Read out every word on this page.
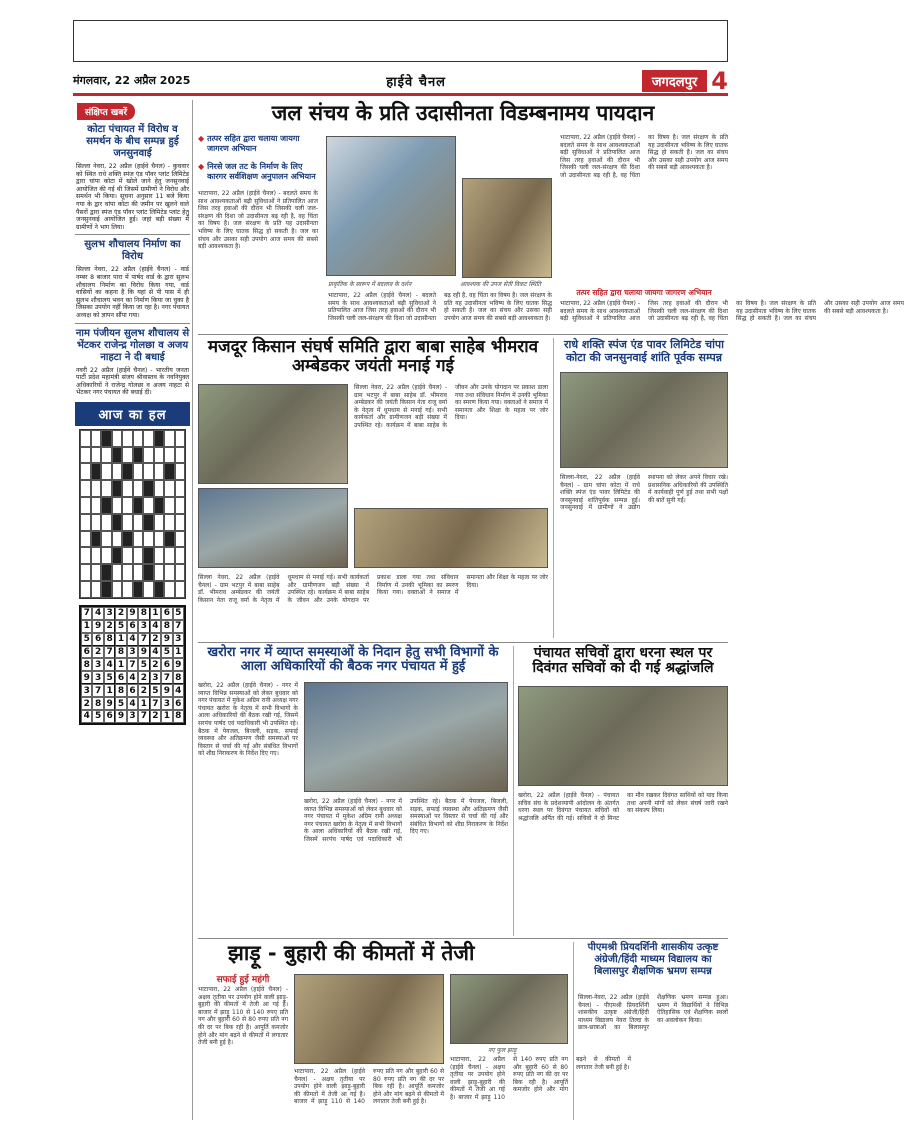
मंगलवार, 22 अप्रैल 2025	हाईवे चैनल	जगदलपुर 4
संक्षिप्त खबरें
कोटा पंचायत में विरोध व समर्थन के बीच सम्पन्न हुई जनसुनवाई
सिल्ला नेवरा, 22 अप्रैल (हाईवे चैनल) - कुचवार को स्थित राधे शक्ति स्पंज एंड पॉवर प्लांट लिमिटेड द्वारा चांपा कोटा में खोले जाने हेतु जनसुनवाई आयोजित की गई थी जिसमें ग्रामीणों ने विरोध और समर्थन भी किया। सूचना अनुसार 11 बजे किया गया के द्वार चांपा कोटा की जमीन पर खुलने वाले पैसरों द्वारा स्पंज एंड पॉवर प्लांट लिमिटेड प्लांट हेतु जनसुनवाई आयोजित हुई। जहां बड़ी संख्या में ग्रामीणों ने भाग लिया।
सुलभ शौचालय निर्माण का विरोध
सिल्ला नेवरा, 22 अप्रैल (हाईवे चैनल) - वार्ड नम्बर 8 बाजार पारा में पार्षद वार्ड के द्वारा सुलभ शौचालय निर्माण का विरोध किया गया, वार्ड वासियों का कहना है कि यहां से पी पास में ही सुलभ शौचालय भवन का निर्माण किया जा चुका है जिसका उपयोग नहीं किया जा रहा है। नगर पंचायत अध्यक्ष को ज्ञापन सौंपा गया।
नाम पंजीयन सुलभ शौचालय से भेंटकर राजेन्द्र गोलछा व अजय नाहटा ने दी बधाई
नवरी 22 अप्रैल (हाईवे चैनल) - भारतीय जनता पार्टी प्रदेश महामंत्री संजय श्रीवास्तव के नवनियुक्त अधिकारियों ने राजेन्द्र गोलछा व अजय नाहटा से भेंटकर नगर पंचायत की बधाई दी।
आज का हल
7 4 3 2 9 8 1 6 5
1 9 2 5 6 3 4 8 7
5 6 8 1 4 7 2 9 3
6 2 7 8 3 9 4 5 1
8 3 4 1 7 5 2 6 9
9 3 5 6 4 2 3 7 8
3 7 1 8 6 2 5 9 4
2 8 9 5 4 1 7 3 6
4 5 6 9 3 7 2 1 8
जल संचय के प्रति उदासीनता विडम्बनामय पायदान
◆ तत्पर सहित द्वारा चलाया जायगा जागरण अभियान
◆ निरसे जल तट के निर्माण के लिए कारगर सर्वशिक्षण अनुपालन अभियान
भाटापारा, 22 अप्रैल (हाईवे चैनल) - बदलते समय के साथ आवश्यकताओं बढ़ी सुविधाओं ने प्रतिपालित आज जिस तरह हवाओं की दौरान भी जिसकी चली जल-संरक्षण की दिशा जो उदासीनता बढ़ रही है, वह चिंता का विषय है। जल संरक्षण के प्रति यह उदासीनता भविष्य के लिए घातक सिद्ध हो सकती है। जल का संचय और उसका सही उपयोग आज समय की सबसे बड़ी आवश्यकता है।
प्राकृतिक के स्वरूप में बदलाव के दर्शन	आवश्यक की उपज सेती विकट स्थिति
भाटापारा, 22 अप्रैल (हाईवे चैनल) - बदलते समय के साथ आवश्यकताओं बढ़ी सुविधाओं ने प्रतिपालित आज जिस तरह हवाओं की दौरान भी जिसकी चली जल-संरक्षण की दिशा जो उदासीनता बढ़ रही है, वह चिंता का विषय है। जल संरक्षण के प्रति यह उदासीनता भविष्य के लिए घातक सिद्ध हो सकती है। जल का संचय और उसका सही उपयोग आज समय की सबसे बड़ी आवश्यकता है।
भाटापारा, 22 अप्रैल (हाईवे चैनल) - बदलते समय के साथ आवश्यकताओं बढ़ी सुविधाओं ने प्रतिपालित आज जिस तरह हवाओं की दौरान भी जिसकी चली जल-संरक्षण की दिशा जो उदासीनता बढ़ रही है, वह चिंता का विषय है। जल संरक्षण के प्रति यह उदासीनता भविष्य के लिए घातक सिद्ध हो सकती है। जल का संचय और उसका सही उपयोग आज समय की सबसे बड़ी आवश्यकता है।
तत्पर सहित द्वारा चलाया जायगा जागरण अभियान
भाटापारा, 22 अप्रैल (हाईवे चैनल) - बदलते समय के साथ आवश्यकताओं बढ़ी सुविधाओं ने प्रतिपालित आज जिस तरह हवाओं की दौरान भी जिसकी चली जल-संरक्षण की दिशा जो उदासीनता बढ़ रही है, वह चिंता का विषय है। जल संरक्षण के प्रति यह उदासीनता भविष्य के लिए घातक सिद्ध हो सकती है। जल का संचय और उसका सही उपयोग आज समय की सबसे बड़ी आवश्यकता है।
मजदूर किसान संघर्ष समिति द्वारा बाबा साहेब भीमराव अम्बेडकर जयंती मनाई गई
सिल्ला नेवरा, 22 अप्रैल (हाईवे चैनल) - ग्राम भटपुर में बाबा साहेब डॉ. भीमराव अम्बेडकर की जयंती किसान नेता राजू वर्मा के नेतृत्व में धूमधाम से मनाई गई। सभी कार्यकर्ता और ग्रामीणजन बड़ी संख्या में उपस्थित रहे। कार्यक्रम में बाबा साहेब के जीवन और उनके योगदान पर प्रकाश डाला गया तथा संविधान निर्माण में उनकी भूमिका का स्मरण किया गया। वक्ताओं ने समाज में समानता और शिक्षा के महत्व पर जोर दिया।
सिल्ला नेवरा, 22 अप्रैल (हाईवे चैनल) - ग्राम भटपुर में बाबा साहेब डॉ. भीमराव अम्बेडकर की जयंती किसान नेता राजू वर्मा के नेतृत्व में धूमधाम से मनाई गई। सभी कार्यकर्ता और ग्रामीणजन बड़ी संख्या में उपस्थित रहे। कार्यक्रम में बाबा साहेब के जीवन और उनके योगदान पर प्रकाश डाला गया तथा संविधान निर्माण में उनकी भूमिका का स्मरण किया गया। वक्ताओं ने समाज में समानता और शिक्षा के महत्व पर जोर दिया।
राधे शक्ति स्पंज एंड पावर लिमिटेड चांपा कोटा की जनसुनवाई शांति पूर्वक सम्पन्न
सिल्ला-नेवरा, 22 अप्रैल (हाईवे चैनल) - ग्राम चांपा कोटा में राधे शक्ति स्पंज एंड पावर लिमिटेड की जनसुनवाई शांतिपूर्वक सम्पन्न हुई। जनसुनवाई में ग्रामीणों ने उद्योग स्थापना को लेकर अपने विचार रखे। प्रशासनिक अधिकारियों की उपस्थिति में कार्यवाही पूर्ण हुई तथा सभी पक्षों की बातें सुनी गईं।
खरोरा नगर में व्याप्त समस्याओं के निदान हेतु सभी विभागों के आला अधिकारियों की बैठक नगर पंचायत में हुई
खरोरा, 22 अप्रैल (हाईवे चैनल) - नगर में व्याप्त विभिन्न समस्याओं को लेकर बुधवार को नगर पंचायत में मुकेश अग्रिम रानी अध्यक्ष नगर पंचायत खरोरा के नेतृत्व में सभी विभागों के आला अधिकारियों की बैठक रखी गई, जिसमें सरपंच पार्षद एवं पदाधिकारी भी उपस्थित रहे। बैठक में पेयजल, बिजली, सड़क, सफाई व्यवस्था और अतिक्रमण जैसी समस्याओं पर विस्तार से चर्चा की गई और संबंधित विभागों को शीघ्र निराकरण के निर्देश दिए गए।
खरोरा, 22 अप्रैल (हाईवे चैनल) - नगर में व्याप्त विभिन्न समस्याओं को लेकर बुधवार को नगर पंचायत में मुकेश अग्रिम रानी अध्यक्ष नगर पंचायत खरोरा के नेतृत्व में सभी विभागों के आला अधिकारियों की बैठक रखी गई, जिसमें सरपंच पार्षद एवं पदाधिकारी भी उपस्थित रहे। बैठक में पेयजल, बिजली, सड़क, सफाई व्यवस्था और अतिक्रमण जैसी समस्याओं पर विस्तार से चर्चा की गई और संबंधित विभागों को शीघ्र निराकरण के निर्देश दिए गए।
पंचायत सचिवों द्वारा धरना स्थल पर दिवंगत सचिवों को दी गई श्रद्धांजलि
खरोरा, 22 अप्रैल (हाईवे चैनल) - पंचायत सचिव संघ के प्रदेशव्यापी आंदोलन के अंतर्गत धरना स्थल पर दिवंगत पंचायत सचिवों को श्रद्धांजलि अर्पित की गई। सचिवों ने दो मिनट का मौन रखकर दिवंगत साथियों को याद किया तथा अपनी मांगों को लेकर संघर्ष जारी रखने का संकल्प लिया।
झाड़ू - बुहारी की कीमतों में तेजी
सफाई हुई महंगी
भाटापारा, 22 अप्रैल (हाईवे चैनल) - अक्षय तृतीया पर उपयोग होने वाली झाड़ू-बुहारी की कीमतों में तेजी आ गई है। बाजार में झाड़ू 110 से 140 रुपए प्रति नग और बुहारी 60 से 80 रुपए प्रति नग की दर पर बिक रही है। आपूर्ति कमजोर होने और मांग बढ़ने से कीमतों में लगातार तेजी बनी हुई है।
भाटापारा, 22 अप्रैल (हाईवे चैनल) - अक्षय तृतीया पर उपयोग होने वाली झाड़ू-बुहारी की कीमतों में तेजी आ गई है। बाजार में झाड़ू 110 से 140 रुपए प्रति नग और बुहारी 60 से 80 रुपए प्रति नग की दर पर बिक रही है। आपूर्ति कमजोर होने और मांग बढ़ने से कीमतों में लगातार तेजी बनी हुई है।
नए फूल झाड़ू
भाटापारा, 22 अप्रैल (हाईवे चैनल) - अक्षय तृतीया पर उपयोग होने वाली झाड़ू-बुहारी की कीमतों में तेजी आ गई है। बाजार में झाड़ू 110 से 140 रुपए प्रति नग और बुहारी 60 से 80 रुपए प्रति नग की दर पर बिक रही है। आपूर्ति कमजोर होने और मांग बढ़ने से कीमतों में लगातार तेजी बनी हुई है।
पीएमश्री प्रियदर्शिनी शासकीय उत्कृष्ट अंग्रेजी/हिंदी माध्यम विद्यालय का बिलासपुर शैक्षणिक भ्रमण सम्पन्न
सिल्ला-नेवरा, 22 अप्रैल (हाईवे चैनल) - पीएमश्री प्रियदर्शिनी शासकीय उत्कृष्ट अंग्रेजी/हिंदी माध्यम विद्यालय नेवरा तिल्दा के छात्र-छात्राओं का बिलासपुर शैक्षणिक भ्रमण सम्पन्न हुआ। भ्रमण में विद्यार्थियों ने विभिन्न ऐतिहासिक एवं शैक्षणिक स्थलों का अवलोकन किया।
